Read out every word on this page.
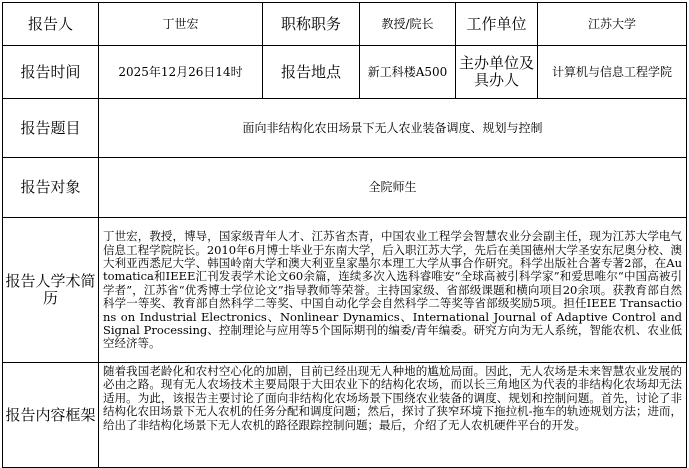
报告人	丁世宏	职称职务	教授/院长	工作单位	江苏大学
报告时间	2025年12月26日14时	报告地点	新工科楼A500	主办单位及具办人	计算机与信息工程学院
报告题目	面向非结构化农田场景下无人农业装备调度、规划与控制				
报告对象	全院师生				
报告人学术简历	丁世宏，教授，博导，国家级青年人才、江苏省杰青，中国农业工程学会智慧农业分会副主任，现为江苏大学电气信息工程学院院长。2010年6月博士毕业于东南大学，后入职江苏大学，先后在美国德州大学圣安东尼奥分校、澳大利亚西悉尼大学、韩国岭南大学和澳大利亚皇家墨尔本理工大学从事合作研究。科学出版社合著专著2部，在Automatica和IEEE汇刊发表学术论文60余篇，连续多次入选科睿唯安“全球高被引科学家”和爱思唯尔“中国高被引学者”，江苏省“优秀博士学位论文”指导教师等荣誉。主持国家级、省部级课题和横向项目20余项。获教育部自然科学一等奖、教育部自然科学二等奖、中国自动化学会自然科学二等奖等省部级奖励5项。担任IEEE Transactions on Industrial Electronics、Nonlinear Dynamics、International Journal of Adaptive Control and Signal Processing、控制理论与应用等5个国际期刊的编委/青年编委。研究方向为无人系统，智能农机、农业低空经济等。				
报告内容框架	随着我国老龄化和农村空心化的加剧，目前已经出现无人种地的尴尬局面。因此，无人农场是未来智慧农业发展的必由之路。现有无人农场技术主要局限于大田农业下的结构化农场，而以长三角地区为代表的非结构化农场却无法适用。为此，该报告主要讨论了面向非结构化农场场景下围绕农业装备的调度、规划和控制问题。首先，讨论了非结构化农田场景下无人农机的任务分配和调度问题；然后，探讨了狭窄环境下拖拉机-拖车的轨迹规划方法；进而，给出了非结构化场景下无人农机的路径跟踪控制问题；最后，介绍了无人农机硬件平台的开发。				
